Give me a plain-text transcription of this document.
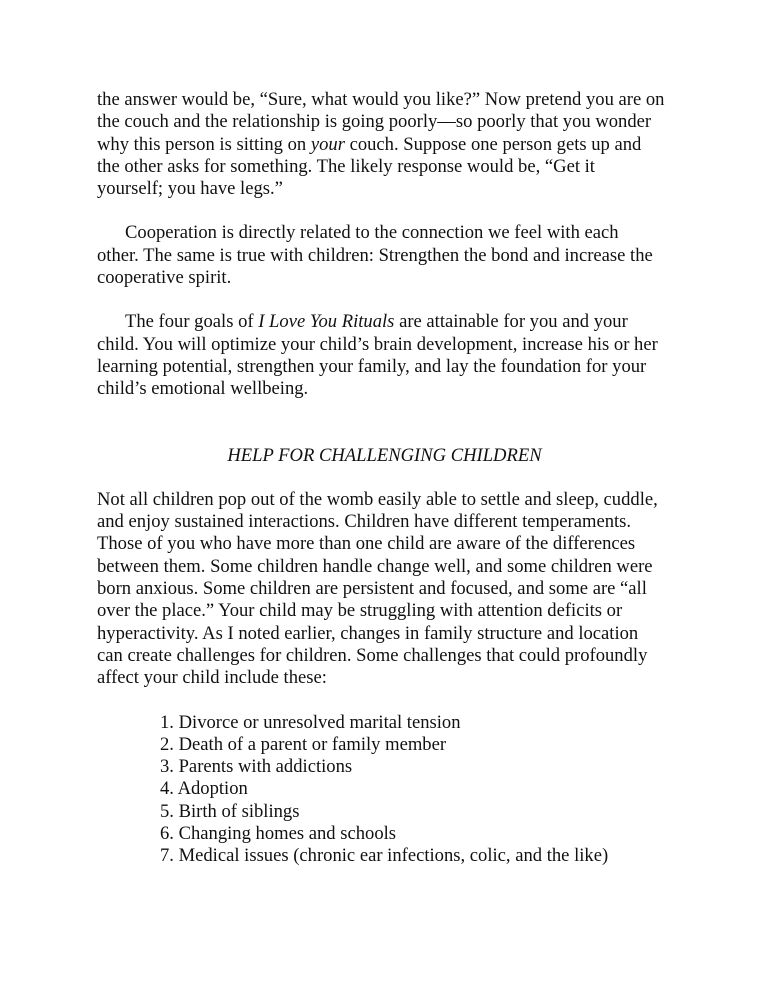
the answer would be, “Sure, what would you like?” Now pretend you are on
the couch and the relationship is going poorly—so poorly that you wonder
why this person is sitting on your couch. Suppose one person gets up and
the other asks for something. The likely response would be, “Get it
yourself; you have legs.”

Cooperation is directly related to the connection we feel with each
other. The same is true with children: Strengthen the bond and increase the
cooperative spirit.

The four goals of I Love You Rituals are attainable for you and your
child. You will optimize your child’s brain development, increase his or her
learning potential, strengthen your family, and lay the foundation for your
child’s emotional wellbeing.

HELP FOR CHALLENGING CHILDREN

Not all children pop out of the womb easily able to settle and sleep, cuddle,
and enjoy sustained interactions. Children have different temperaments.
Those of you who have more than one child are aware of the differences
between them. Some children handle change well, and some children were
born anxious. Some children are persistent and focused, and some are “all
over the place.” Your child may be struggling with attention deficits or
hyperactivity. As I noted earlier, changes in family structure and location
can create challenges for children. Some challenges that could profoundly
affect your child include these:

1. Divorce or unresolved marital tension
2. Death of a parent or family member
3. Parents with addictions
4. Adoption
5. Birth of siblings
6. Changing homes and schools
7. Medical issues (chronic ear infections, colic, and the like)
